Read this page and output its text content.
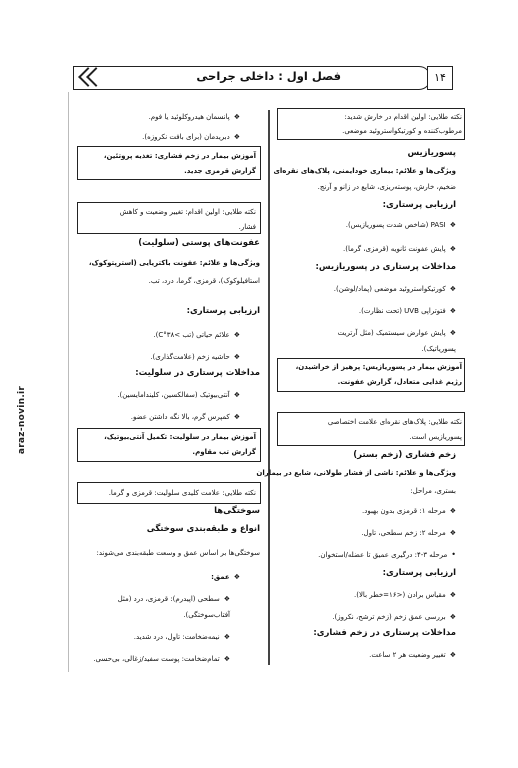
فصل اول : داخلی جراحی	۱۴
araz-novin.ir
نکته طلایی: اولین اقدام در خارش شدید:
مرطوب‌کننده و کورتیکواستروئید موضعی.
پسوریازیس
ویژگی‌ها و علائم: بیماری خودایمنی، پلاک‌های نقره‌ای
ضخیم، خارش، پوسته‌ریزی، شایع در زانو و آرنج.
ارزیابی پرستاری:
❖ PASI (شاخص شدت پسوریازیس).
❖ پایش عفونت ثانویه (قرمزی، گرما).
مداخلات پرستاری در پسوریازیس:
❖ کورتیکواستروئید موضعی (پماد/لوشن).
❖ فتوتراپی UVB (تحت نظارت).
❖ پایش عوارض سیستمیک (مثل آرتریت
پسوریاتیک).
آموزش بیمار در پسوریازیس: پرهیز از خراشیدن،
رژیم غذایی متعادل، گزارش عفونت.
نکته طلایی: پلاک‌های نقره‌ای علامت اختصاصی
پسوریازیس است.
زخم فشاری (زخم بستر)
ویژگی‌ها و علائم: ناشی از فشار طولانی، شایع در بیماران
بستری، مراحل:
❖ مرحله ۱: قرمزی بدون بهبود.
❖ مرحله ۲: زخم سطحی، تاول.
• مرحله ۳-۴: درگیری عمیق تا عضله/استخوان.
ارزیابی پرستاری:
❖ مقیاس برادن (<۱۶=خطر بالا).
❖ بررسی عمق زخم (زخم ترشح، نکروز).
مداخلات پرستاری در زخم فشاری:
❖ تغییر وضعیت هر ۲ ساعت.
❖ پانسمان هیدروکلوئید یا فوم.
❖ دبریدمان (برای بافت نکروزه).
آموزش بیمار در زخم فشاری: تغذیه پروتئین،
گزارش قرمزی جدید.
نکته طلایی: اولین اقدام: تغییر وضعیت و کاهش
فشار.
عفونت‌های پوستی (سلولیت)
ویژگی‌ها و علائم: عفونت باکتریایی (استرپتوکوک،
استافیلوکوک)، قرمزی، گرما، درد، تب.
ارزیابی پرستاری:
❖ علائم حیاتی (تب >۳۸°C).
❖ حاشیه زخم (علامت‌گذاری).
مداخلات پرستاری در سلولیت:
❖ آنتی‌بیوتیک (سفالکسین، کلیندامایسین).
❖ کمپرس گرم، بالا نگه داشتن عضو.
آموزش بیمار در سلولیت: تکمیل آنتی‌بیوتیک،
گزارش تب مقاوم.
نکته طلایی: علامت کلیدی سلولیت: قرمزی و گرما.
سوختگی‌ها
انواع و طبقه‌بندی سوختگی
سوختگی‌ها بر اساس عمق و وسعت طبقه‌بندی می‌شوند:
❖ عمق:
❖ سطحی (اپیدرم): قرمزی، درد (مثل
آفتاب‌سوختگی).
❖ نیمه‌ضخامت: تاول، درد شدید.
❖ تمام‌ضخامت: پوست سفید/زغالی، بی‌حسی.
